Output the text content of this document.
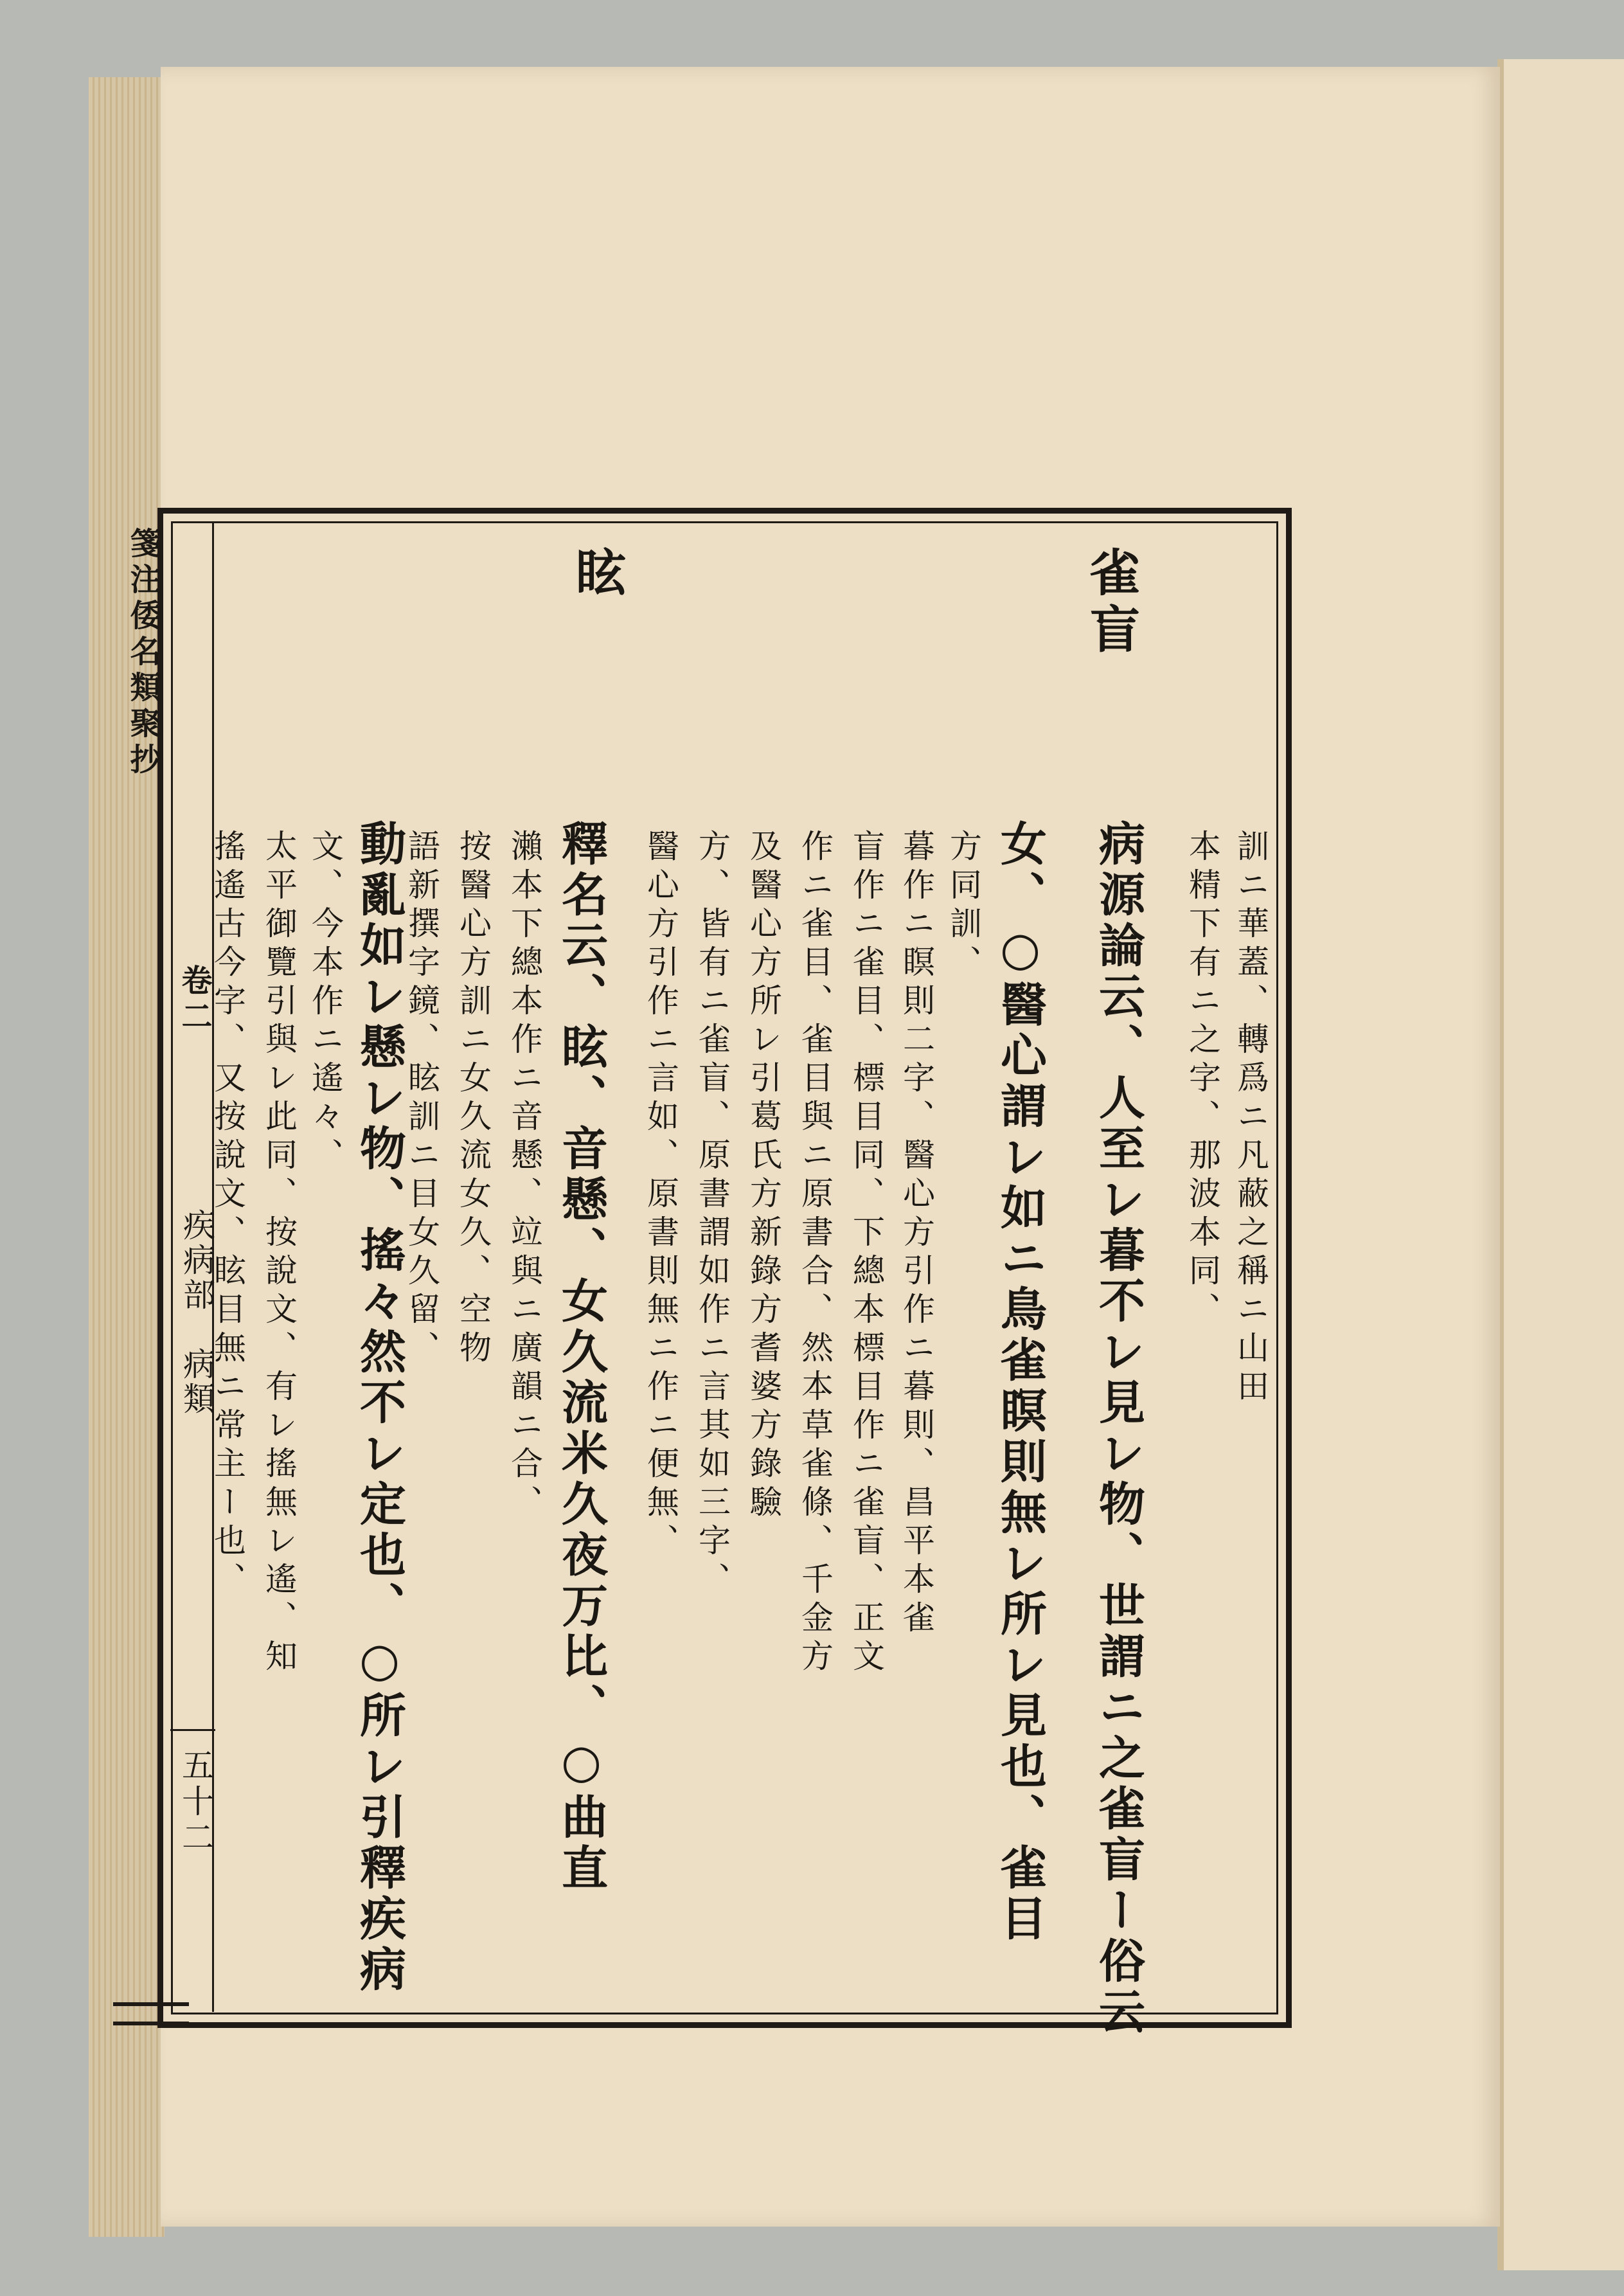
箋注倭名類聚抄
卷二
疾病部　病類
五十二
雀盲
訓ニ華蓋、轉爲ニ凡蔽之稱ニ山田
本精下有ニ之字、那波本同、
病源論云、人至レ暮不レ見レ物、世謂ニ之雀盲ー俗云
女、○醫心謂レ如ニ鳥雀瞑則無レ所レ見也、雀目
方同訓、
暮作ニ瞑則二字、醫心方引作ニ暮則、昌平本雀
盲作ニ雀目、標目同、下總本標目作ニ雀盲、正文
作ニ雀目、雀目與ニ原書合、然本草雀條、千金方
及醫心方所レ引葛氏方新錄方耆婆方錄驗
方、皆有ニ雀盲、原書謂如作ニ言其如三字、
醫心方引作ニ言如、原書則無ニ作ニ便無、
眩
釋名云、眩、音懸、女久流米久夜万比、○曲直
瀨本下總本作ニ音懸、竝與ニ廣韻ニ合、
按醫心方訓ニ女久流女久、空物
語新撰字鏡、眩訓ニ目女久留、
動亂如レ懸レ物、搖々然不レ定也、○所レ引釋疾病
文、今本作ニ遙々、
太平御覽引與レ此同、按說文、有レ搖無レ遙、知
搖遙古今字、又按說文、眩目無ニ常主ー也、
